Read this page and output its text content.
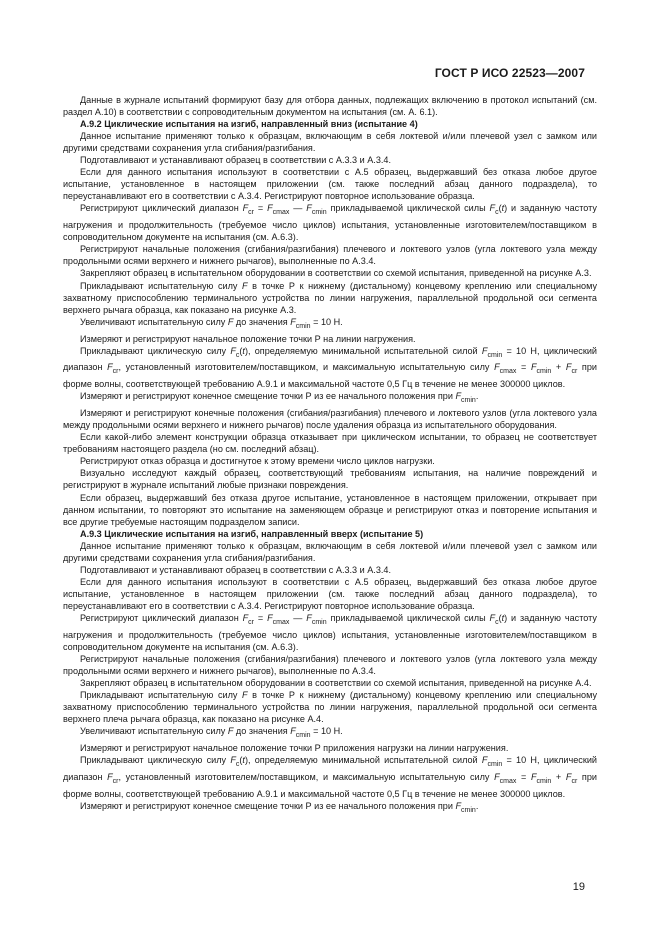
ГОСТ Р ИСО 22523—2007

Данные в журнале испытаний формируют базу для отбора данных, подлежащих включению в протокол испытаний (см. раздел А.10) в соответствии с сопроводительным документом на испытания (см. А. 6.1).

A.9.2 Циклические испытания на изгиб, направленный вниз (испытание 4)

Данное испытание применяют только к образцам, включающим в себя локтевой и/или плечевой узел с замком или другими средствами сохранения угла сгибания/разгибания.

Подготавливают и устанавливают образец в соответствии с А.3.3 и А.3.4.

Если для данного испытания используют в соответствии с А.5 образец, выдержавший без отказа любое другое испытание, установленное в настоящем приложении (см. также последний абзац данного подраздела), то переустанавливают его в соответствии с А.3.4. Регистрируют повторное использование образца.

Регистрируют циклический диапазон $F_{cr} = F_{cmax}$ — $F_{cmin}$ прикладываемой циклической силы $F_c(t)$ и заданную частоту нагружения и продолжительность (требуемое число циклов) испытания, установленные изготовителем/поставщиком в сопроводительном документе на испытания (см. А.6.3).

Регистрируют начальные положения (сгибания/разгибания) плечевого и локтевого узлов (угла локтевого узла между продольными осями верхнего и нижнего рычагов), выполненные по А.3.4.

Закрепляют образец в испытательном оборудовании в соответствии со схемой испытания, приведенной на рисунке А.3.

Прикладывают испытательную силу F в точке Р к нижнему (дистальному) концевому креплению или специальному захватному приспособлению терминального устройства по линии нагружения, параллельной продольной оси сегмента верхнего рычага образца, как показано на рисунке А.3.

Увеличивают испытательную силу F до значения $F_{cmin} = 10$ Н.

Измеряют и регистрируют начальное положение точки Р на линии нагружения.

Прикладывают циклическую силу $F_c(t)$, определяемую минимальной испытательной силой $F_{cmin} = 10$ Н, циклический диапазон $F_{cr}$, установленный изготовителем/поставщиком, и максимальную испытательную силу $F_{cmax} = F_{cmin} + F_{cr}$ при форме волны, соответствующей требованию А.9.1 и максимальной частоте 0,5 Гц в течение не менее 300000 циклов.

Измеряют и регистрируют конечное смещение точки Р из ее начального положения при $F_{cmin}$.

Измеряют и регистрируют конечные положения (сгибания/разгибания) плечевого и локтевого узлов (угла локтевого узла между продольными осями верхнего и нижнего рычагов) после удаления образца из испытательного оборудования.

Если какой-либо элемент конструкции образца отказывает при циклическом испытании, то образец не соответствует требованиям настоящего раздела (но см. последний абзац).

Регистрируют отказ образца и достигнутое к этому времени число циклов нагрузки.

Визуально исследуют каждый образец, соответствующий требованиям испытания, на наличие повреждений и регистрируют в журнале испытаний любые признаки повреждения.

Если образец, выдержавший без отказа другое испытание, установленное в настоящем приложении, открывает при данном испытании, то повторяют это испытание на заменяющем образце и регистрируют отказ и повторение испытания и все другие требуемые настоящим подразделом записи.

A.9.3 Циклические испытания на изгиб, направленный вверх (испытание 5)

Данное испытание применяют только к образцам, включающим в себя локтевой и/или плечевой узел с замком или другими средствами сохранения угла сгибания/разгибания.

Подготавливают и устанавливают образец в соответствии с А.3.3 и А.3.4.

Если для данного испытания используют в соответствии с А.5 образец, выдержавший без отказа любое другое испытание, установленное в настоящем приложении (см. также последний абзац данного подраздела), то переустанавливают его в соответствии с А.3.4. Регистрируют повторное использование образца.

Регистрируют циклический диапазон $F_{cr} = F_{cmax}$ — $F_{cmin}$ прикладываемой циклической силы $F_c(t)$ и заданную частоту нагружения и продолжительность (требуемое число циклов) испытания, установленные изготовителем/поставщиком в сопроводительном документе на испытания (см. А.6.3).

Регистрируют начальные положения (сгибания/разгибания) плечевого и локтевого узлов (угла локтевого узла между продольными осями верхнего и нижнего рычагов), выполненные по А.3.4.

Закрепляют образец в испытательном оборудовании в соответствии со схемой испытания, приведенной на рисунке А.4.

Прикладывают испытательную силу F в точке Р к нижнему (дистальному) концевому креплению или специальному захватному приспособлению терминального устройства по линии нагружения, параллельной продольной оси сегмента верхнего плеча рычага образца, как показано на рисунке А.4.

Увеличивают испытательную силу F до значения $F_{cmin} = 10$ Н.

Измеряют и регистрируют начальное положение точки Р приложения нагрузки на линии нагружения.

Прикладывают циклическую силу $F_c(t)$, определяемую минимальной испытательной силой $F_{cmin} = 10$ Н, циклический диапазон $F_{cr}$, установленный изготовителем/поставщиком, и максимальную испытательную силу $F_{cmax} = F_{cmin} + F_{cr}$ при форме волны, соответствующей требованию А.9.1 и максимальной частоте 0,5 Гц в течение не менее 300000 циклов.

Измеряют и регистрируют конечное смещение точки Р из ее начального положения при $F_{cmin}$.

19
